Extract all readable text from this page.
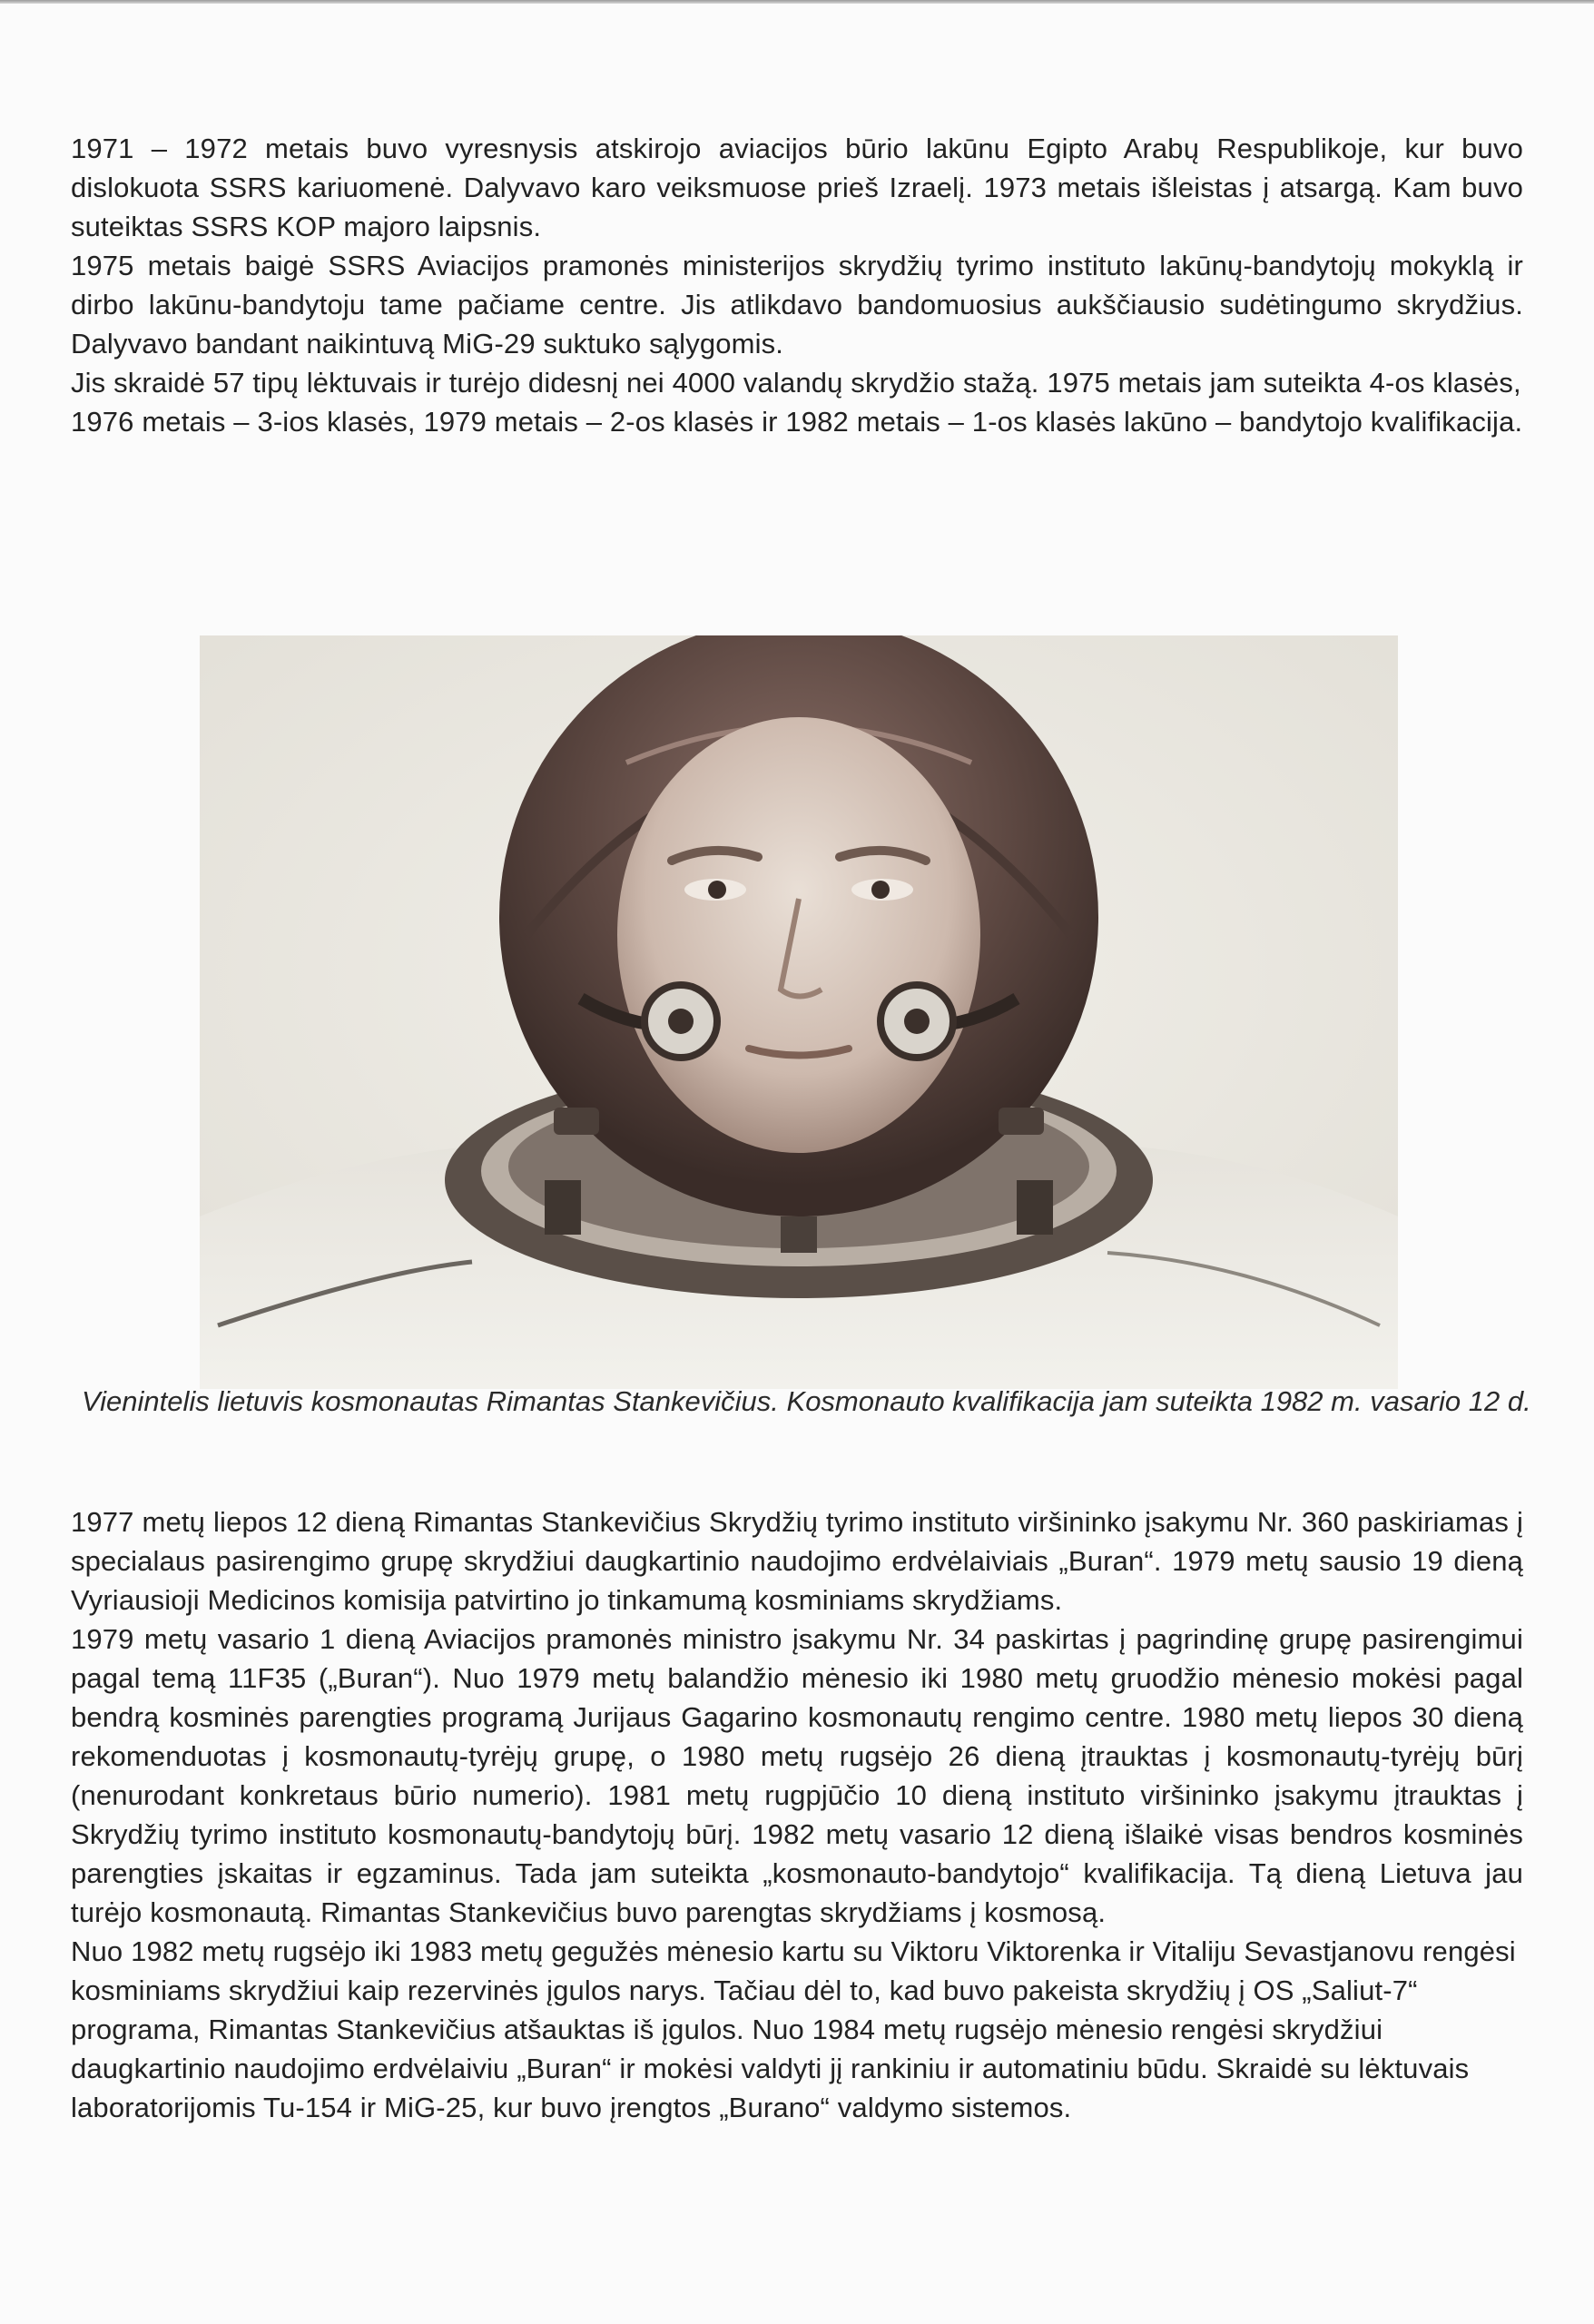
1971 – 1972 metais buvo vyresnysis atskirojo aviacijos būrio lakūnu Egipto Arabų Respublikoje, kur buvo dislokuota SSRS kariuomenė. Dalyvavo karo veiksmuose prieš Izraelį. 1973 metais išleistas į atsargą. Kam buvo suteiktas SSRS KOP majoro laipsnis.

1975 metais baigė SSRS Aviacijos pramonės ministerijos skrydžių tyrimo instituto lakūnų-bandytojų mokyklą ir dirbo lakūnu-bandytoju tame pačiame centre. Jis atlikdavo bandomuosius aukščiausio sudėtingumo skrydžius. Dalyvavo bandant naikintuvą MiG-29 suktuko sąlygomis.

Jis skraidė 57 tipų lėktuvais ir turėjo didesnį nei 4000 valandų skrydžio stažą. 1975 metais jam suteikta 4-os klasės, 1976 metais – 3-ios klasės, 1979 metais – 2-os klasės ir 1982 metais – 1-os klasės lakūno – bandytojo kvalifikacija.

Vienintelis lietuvis kosmonautas Rimantas Stankevičius. Kosmonauto kvalifikacija jam suteikta 1982 m. vasario 12 d.

1977 metų liepos 12 dieną Rimantas Stankevičius Skrydžių tyrimo instituto viršininko įsakymu Nr. 360 paskiriamas į specialaus pasirengimo grupę skrydžiui daugkartinio naudojimo erdvėlaiviais „Buran“. 1979 metų sausio 19 dieną Vyriausioji Medicinos komisija patvirtino jo tinkamumą kosminiams skrydžiams.

1979 metų vasario 1 dieną Aviacijos pramonės ministro įsakymu Nr. 34 paskirtas į pagrindinę grupę pasirengimui pagal temą 11F35 („Buran“). Nuo 1979 metų balandžio mėnesio iki 1980 metų gruodžio mėnesio mokėsi pagal bendrą kosminės parengties programą Jurijaus Gagarino kosmonautų rengimo centre. 1980 metų liepos 30 dieną rekomenduotas į kosmonautų-tyrėjų grupę, o 1980 metų rugsėjo 26 dieną įtrauktas į kosmonautų-tyrėjų būrį (nenurodant konkretaus būrio numerio). 1981 metų rugpjūčio 10 dieną instituto viršininko įsakymu įtrauktas į Skrydžių tyrimo instituto kosmonautų-bandytojų būrį. 1982 metų vasario 12 dieną išlaikė visas bendros kosminės parengties įskaitas ir egzaminus. Tada jam suteikta „kosmonauto-bandytojo“ kvalifikacija. Tą dieną Lietuva jau turėjo kosmonautą. Rimantas Stankevičius buvo parengtas skrydžiams į kosmosą.

Nuo 1982 metų rugsėjo iki 1983 metų gegužės mėnesio kartu su Viktoru Viktorenka ir Vitaliju Sevastjanovu rengėsi kosminiams skrydžiui kaip rezervinės įgulos narys. Tačiau dėl to, kad buvo pakeista skrydžių į OS „Saliut-7“ programa, Rimantas Stankevičius atšauktas iš įgulos. Nuo 1984 metų rugsėjo mėnesio rengėsi skrydžiui daugkartinio naudojimo erdvėlaiviu „Buran“ ir mokėsi valdyti jį rankiniu ir automatiniu būdu. Skraidė su lėktuvais laboratorijomis Tu-154 ir MiG-25, kur buvo įrengtos „Burano“ valdymo sistemos.
